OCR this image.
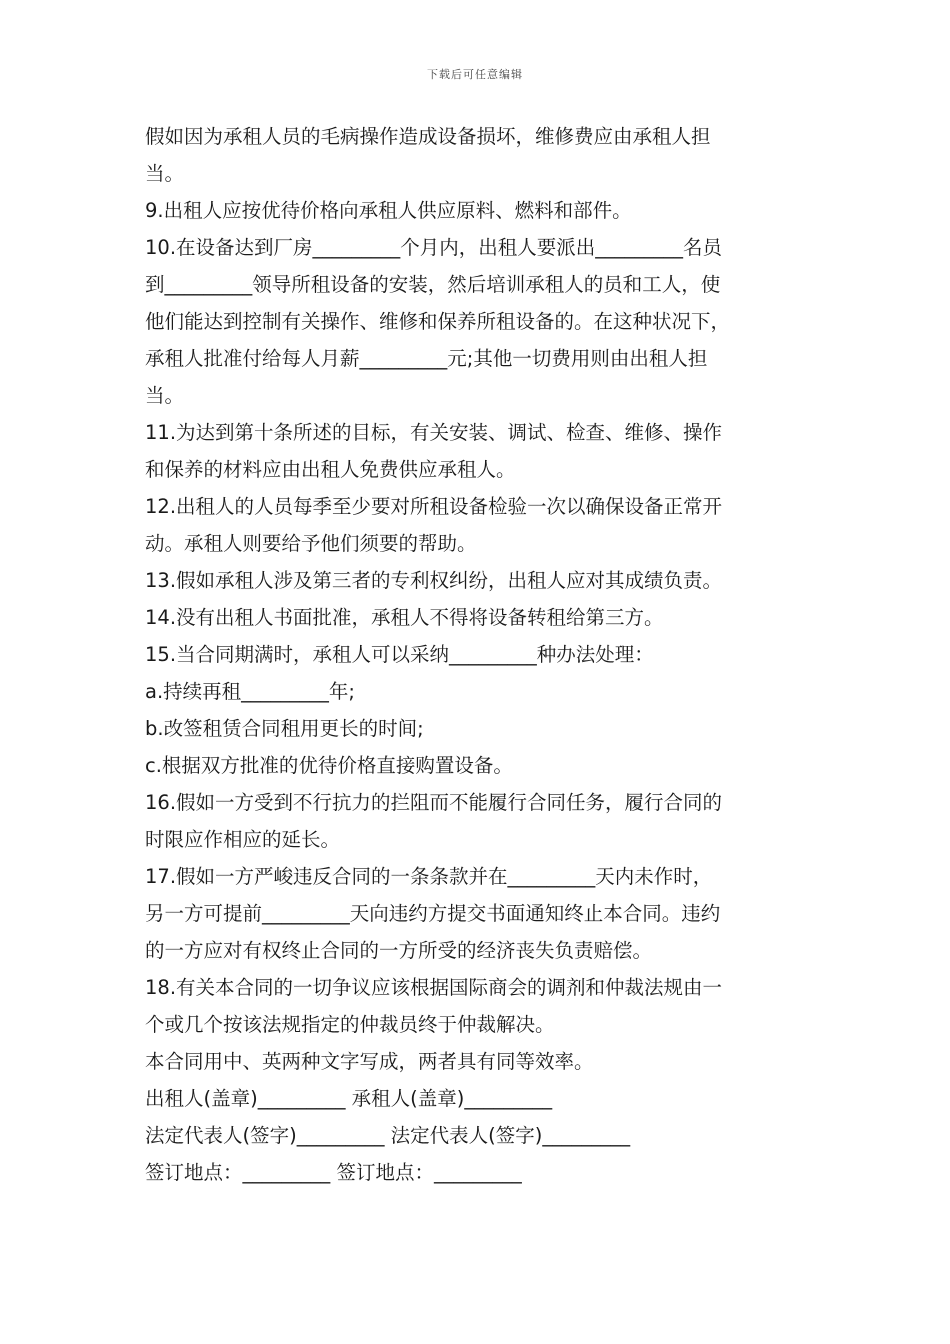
下载后可任意编辑
假如因为承租人员的毛病操作造成设备损坏，维修费应由承租人担
当。
9.出租人应按优待价格向承租人供应原料、燃料和部件。
10.在设备达到厂房_________个月内，出租人要派出_________名员
到_________领导所租设备的安装，然后培训承租人的员和工人，使
他们能达到控制有关操作、维修和保养所租设备的。在这种状况下，
承租人批准付给每人月薪_________元;其他一切费用则由出租人担
当。
11.为达到第十条所述的目标，有关安装、调试、检查、维修、操作
和保养的材料应由出租人免费供应承租人。
12.出租人的人员每季至少要对所租设备检验一次以确保设备正常开
动。承租人则要给予他们须要的帮助。
13.假如承租人涉及第三者的专利权纠纷，出租人应对其成绩负责。
14.没有出租人书面批准，承租人不得将设备转租给第三方。
15.当合同期满时，承租人可以采纳_________种办法处理：
a.持续再租_________年;
b.改签租赁合同租用更长的时间;
c.根据双方批准的优待价格直接购置设备。
16.假如一方受到不行抗力的拦阻而不能履行合同任务，履行合同的
时限应作相应的延长。
17.假如一方严峻违反合同的一条条款并在_________天内未作时，
另一方可提前_________天向违约方提交书面通知终止本合同。违约
的一方应对有权终止合同的一方所受的经济丧失负责赔偿。
18.有关本合同的一切争议应该根据国际商会的调剂和仲裁法规由一
个或几个按该法规指定的仲裁员终于仲裁解决。
本合同用中、英两种文字写成，两者具有同等效率。
出租人(盖章)_________ 承租人(盖章)_________
法定代表人(签字)_________ 法定代表人(签字)_________
签订地点：_________ 签订地点：_________
